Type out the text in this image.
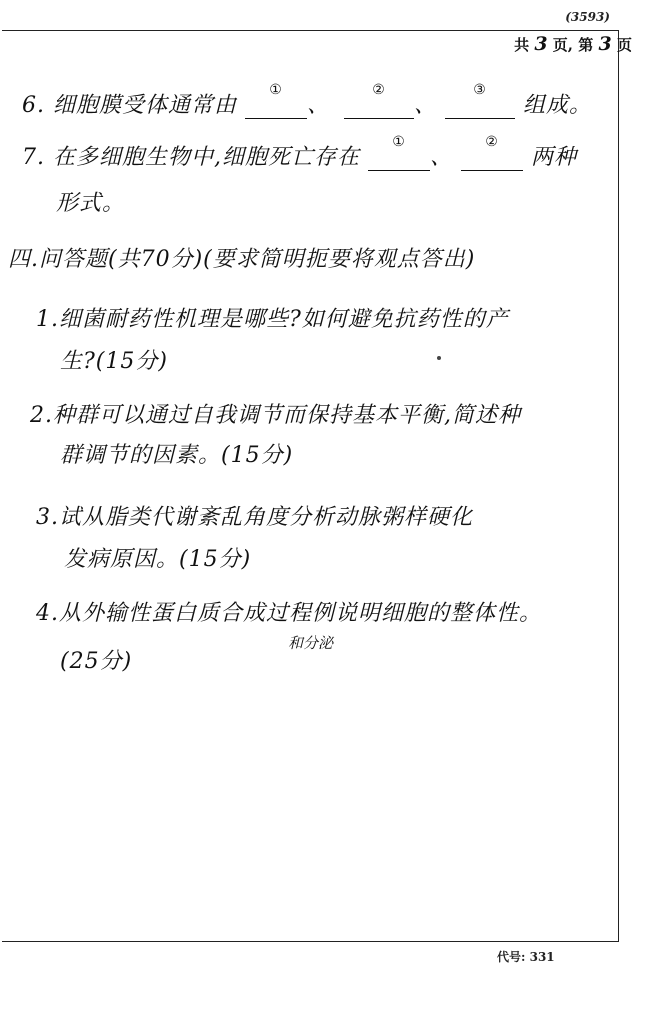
(3593)
共 3 页, 第 3 页
6. 细胞膜受体通常由
①
、
②
、
③
组成。
7. 在多细胞生物中,细胞死亡存在
①
、
②
两种
形式。
四.问答题(共70分)(要求简明扼要将观点答出)
1.细菌耐药性机理是哪些?如何避免抗药性的产
生?(15分)
2.种群可以通过自我调节而保持基本平衡,简述种
群调节的因素。(15分)
3.试从脂类代谢紊乱角度分析动脉粥样硬化
发病原因。(15分)
4.从外输性蛋白质合成过程例说明细胞的整体性。
和分泌
(25分)
代号: 331
